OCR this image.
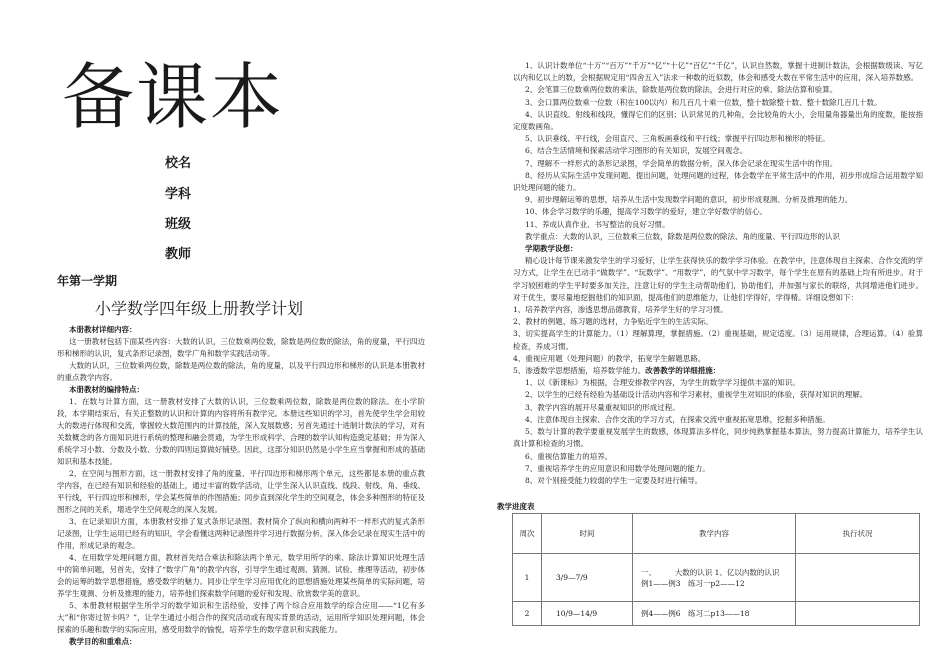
备课本
校名
学科
班级
教师
年第一学期
小学数学四年级上册教学计划
本册教材详细内容：

这一册教材包括下面某些内容：大数的认识，三位数乘两位数，除数是两位数的除法，角的度量，平行四边形和梯形的认识，复式条形记录图，数学广角和数学实践活动等。

大数的认识，三位数乘两位数，除数是两位数的除法，角的度量，以及平行四边形和梯形的认识是本册教材的重点教学内容。

本册教材的编排特点：

1、在数与计算方面，这一册教材安排了大数的认识，三位数乘两位数，除数是两位数的除法。在小学阶段，本学期结束后，有关正整数的认识和计算的内容将所有教学完。本册这些知识的学习，首先使学生学会用较大的数进行体现和交流，掌握较大数范围内的计算技能，深入发展数感；另首先通过十进制计数法的学习，对有关数概念的各方面知识进行系统的整理和融会贯通，为学生形成科学、合理的数学认知构造奠定基础；并为深入系统学习小数、分数及小数、分数的四则运算做好铺垫。因此，这部分知识仍然是小学生应当掌握和形成的基础知识和基本技能。

2、在空间与图形方面，这一册教材安排了角的度量、平行四边形和梯形两个单元，这些都是本册的重点教学内容，在已经有知识和经验的基础上，通过丰富的数学活动，让学生深入认识直线、线段、射线、角、垂线、平行线，平行四边形和梯形，学会某些简单的作图措施；同步直到深化学生的空间观念，体会多种图形的特征及图形之间的关系，增进学生空间观念的深入发展。

3、在记录知识方面，本册教材安排了复式条形记录图。教材简介了纵向和横向两种不一样形式的复式条形记录图，让学生运用已经有的知识，学会看懂这两种记录图并学习进行数据分析，深入体会记录在现实生活中的作用，形成记录的观念。

4、在用数学处理问题方面，教材首先结合乘法和除法两个单元，数学用所学的乘、除法计算知识处理生活中的简单问题，另首先，安排了“数学广角”的教学内容，引导学生通过观测、猜测、试验、推理等活动，初步体会的运筹的数学思想措施，感受数学的魅力。同步让学生学习应用优化的思想措施处理某些简单的实际问题，培养学生观测、分析及推理的能力，培养他们探索数学问题的爱好和发现、欣赏数学美的意识。

5、本册教材根据学生所学习的数学知识和生活经验，安排了两个综合应用数学的综合应用——“1亿有多大”和“你寄过贺卡吗？”，让学生通过小组合作的探究活动或有现实背景的活动，运用所学知识处理问题，体会探索的乐趣和数学的实际应用，感受用数学的愉悦，培养学生的数学意识和实践能力。

教学目的和重难点：

1、认识计数单位“十万”“百万”“千万”“亿”“十亿”“百亿”“千亿”，认识自然数，掌握十进制计数法，会根据数级读、写亿以内和亿以上的数，会根据规定用“四舍五入”法求一种数的近似数，体会和感受大数在平常生活中的应用，深入培养数感。

2、会笔算三位数乘两位数的乘法，除数是两位数的除法，会进行对应的乘、除法估算和验算。

3、会口算两位数乘一位数（积在100以内）和几百几十乘一位数，整十数除整十数、整十数除几百几十数。

4、认识直线、射线和线段，懂得它们的区别；认识常见的几种角，会比较角的大小，会用量角器量出角的度数，能按指定度数画角。

5、认识垂线、平行线，会用直尺、三角板画垂线和平行线；掌握平行四边形和梯形的特征。

6、结合生活情境和探索活动学习图形的有关知识，发展空间观念。

7、理解不一样形式的条形记录图，学会简单的数据分析，深入体会记录在现实生活中的作用。

8、经历从实际生活中发现问题、提出问题，处理问题的过程，体会数学在平常生活中的作用，初步形成综合运用数学知识处理问题的能力。

9、初步理解运筹的思想，培养从生活中发现数学问题的意识，初步形成观测、分析及推理的能力。

10、体会学习数学的乐趣，提高学习数学的爱好，建立学好数学的信心。

11、养成认真作业、书写整洁的良好习惯。

教学重点：大数的认识，三位数乘三位数，除数是两位数的除法、角的度量、平行四边形的认识

学期教学设想：

精心设计每节课来激发学生的学习爱好，让学生获得快乐的数学学习体验。在教学中，注意体现自主探索、合作交流的学习方式，让学生在已动手“做数学”、“玩数学”、“用数学”，的气氛中学习数学，每个学生在原有的基础上均有所进步。对于学习较困难的学生平时要多加关注，注意让好的学生主动帮助他们，协助他们，并加强与家长的联络，共同增进他们进步。对于优生，要尽量地挖掘他们的知识面，提高他们的思维能力，让他们学得好，学得精。详细设想如下：

1、培养教学内容，渗透思想品德教育，培养学生好的学习习惯。

2、教材的例题、练习题的选材，力争贴近学生的生活实际。

3、切实提高学生的计算能力。（1）理解算理，掌握措施。（2）重视基础，规定适度。（3）运用规律，合理运算。（4）验算检查，养成习惯。

4、重视应用题（处理问题）的教学，拓宽学生解题思路。

5、渗透数学思想措施，培养数学能力。改善教学的详细措施：

1、以《新课标》为根据，合理安排教学内容，为学生的数学学习提供丰富的知识。

2、以学生的已经有经验为基础设计活动内容和学习素材，重视学生对知识的体验，获得对知识的理解。

3、教学内容的展开尽量重视知识的形成过程。

4、注意体现自主探索、合作交流的学习方式，在探索交流中重视拓宽思维，挖掘多种措施。

5、数与计算的教学要重视发展学生的数感，体现算法多样化，同步纯熟掌握基本算法，努力提高计算能力，培养学生认真计算和检查的习惯。

6、重视估算能力的培养。

7、重视培养学生的应用意识和用数学处理问题的能力。

8、对个别接受能力较弱的学生一定要及时进行辅导。

教学进度表
周次	时间	教学内容	执行状况
1	3/9—7/9	一、　　　大数的认识 1、亿以内数的认识
例1——例3　练习一p2——12	

2	10/9—14/9	例4——例6　练习二p13——18	
